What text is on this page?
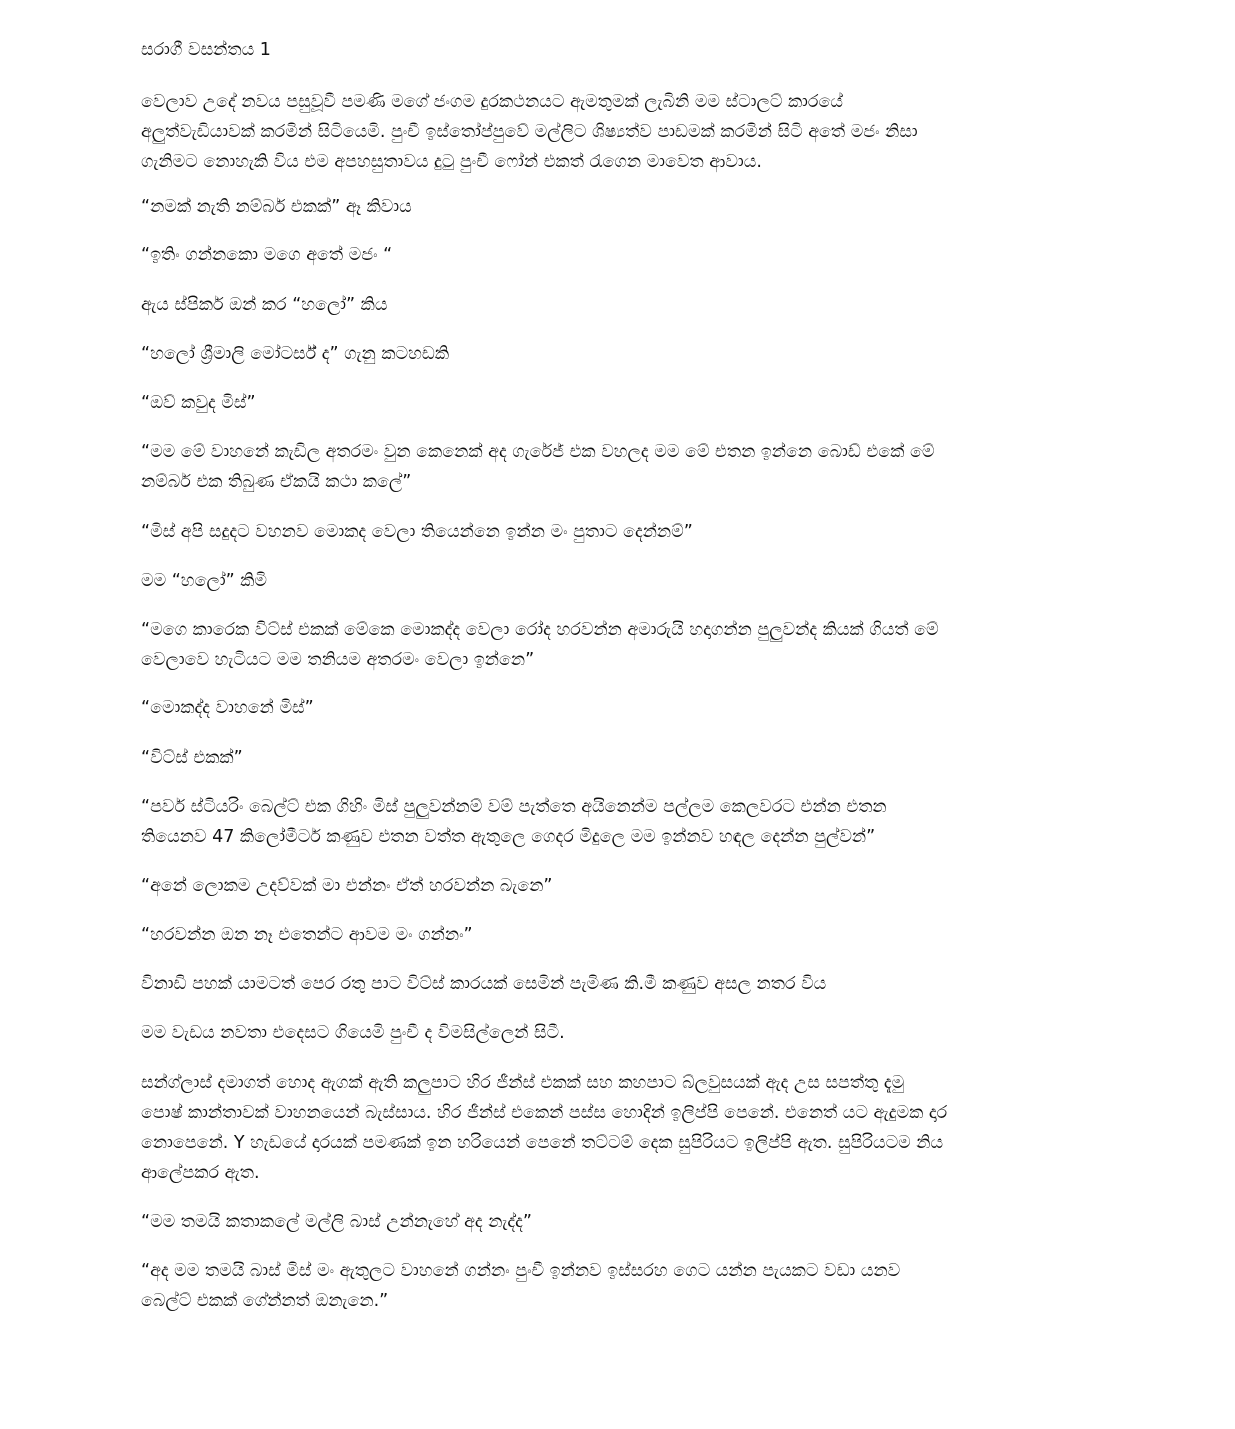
සරාගී වසන්තය 1
වෙලාව උදේ නවය පසුවූවී පමණි මගේ ජංගම දුරකථනයට ඇමතුමක් ලැබිනි මම ස්ටාලට් කාරයේ
අලුත්වැඩියාවක් කරමින් සිටියෙමි. පුංචී ඉස්තෝප්පුවේ මල්ලිට ශිෂ්‍යත්ව පාඩමක් කරමින් සිටි අතේ මජං නිසා
ගැනිමට නොහැකි විය එම අපහසුතාවය දුටු පුංචී ෆෝන් එකත් රැගෙන මාවෙත ආවාය.
“නමක් නැති නම්බර් එකක්” ඈ කිවාය
“ඉතිං ගන්නකො මගෙ අතේ මජං “
ඇය ස්පිකර් ඔන් කර “හලෝ” කිය
“හලෝ ශ්‍රීමාලි මෝටර්ස් ද” ගැනු කටහඩකි
“ඔව් කවුද මිස්”
“මම මේ වාහනේ කැඩිල අතරමං වුන කෙනෙක් අද ගැරේජ් එක වහලද මම මේ එතන ඉන්නෙ බොඩ් එකේ මේ
නම්බර් එක තිබුණ ඒකයි කථා කලේ”
“මිස් අපි සදුදට වහනව මොකද වෙලා තියෙන්නෙ ඉන්න මං පුතාට දෙන්නම්”
මම “හලෝ” කිමි
“මගෙ කාරෙක විට්ස් එකක් මේකෙ මොකද්ද වෙලා රෝද හරවන්න අමාරුයි හදාගන්න පුලුවන්ද කියක් ගියත් මේ
වෙලාවෙ හැටියට මම තනියම අතරමං වෙලා ඉන්නෙ”
“මොකද්ද වාහනේ මිස්”
“විට්ස් එකක්”
“පවර් ස්ටියරිං බෙල්ට් එක ගිහිං මිස් පුලුවන්නම් වම් පැත්තෙ අයිනෙන්ම පල්ලම කෙලවරට එන්න එතන
තියෙනව 47 කිලෝමීටර් කණුව එතන වත්ත ඇතුලෙ ගෙදර මිදුලෙ මම ඉන්නව හඳල දෙන්න පුල්වන්”
“අනේ ලොකම උදව්වක් මා එන්නං ඒත් හරවන්න බැනෙ”
“හරවන්න ඔන නෑ එතෙන්ට ආවම මං ගන්නං”
විනාඩි පහක් යාමටත් පෙර රතු පාට විට්ස් කාරයක් සෙමින් පැමිණ කි.මී කණුව අසල නතර විය
මම වැඩය නවතා එදෙසට ගියෙමි පුංචී ද විමසිල්ලෙන් සිටී.
සන්ග්ලාස් දමාගත් හොද ඇගක් ඇති කලුපාට හිර ජීන්ස් එකක් සහ කහපාට බ්ලවුසයක් ඇද උස සපත්තු දැමු
පොෂ් කාන්තාවක් වාහනයෙන් බැස්සාය. හිර ජීන්ස් එකෙන් පස්ස හොදින් ඉලිප්පි පෙනේ. එනෙත් යට ඇදුමක දාර
නොපෙනේ. Y හැඩයේ දාරයක් පමණක් ඉන හරියෙන් පෙනේ තට්ටම් දෙක සුපිරියට ඉලිප්පි ඇත. සුපිරියටම නිය
ආලේපකර ඇත.
“මම තමයි කතාකලේ මල්ලි බාස් උන්නැහේ අද නැද්ද”
“අද මම තමයි බාස් මිස් මං ඇතුලට වාහනේ ගන්නං පුංචී ඉන්නව ඉස්සරහ ගෙට යන්න පැයකට වඩා යනව
බෙල්ට් එකක් ගේන්නත් ඔනැනෙ.”
